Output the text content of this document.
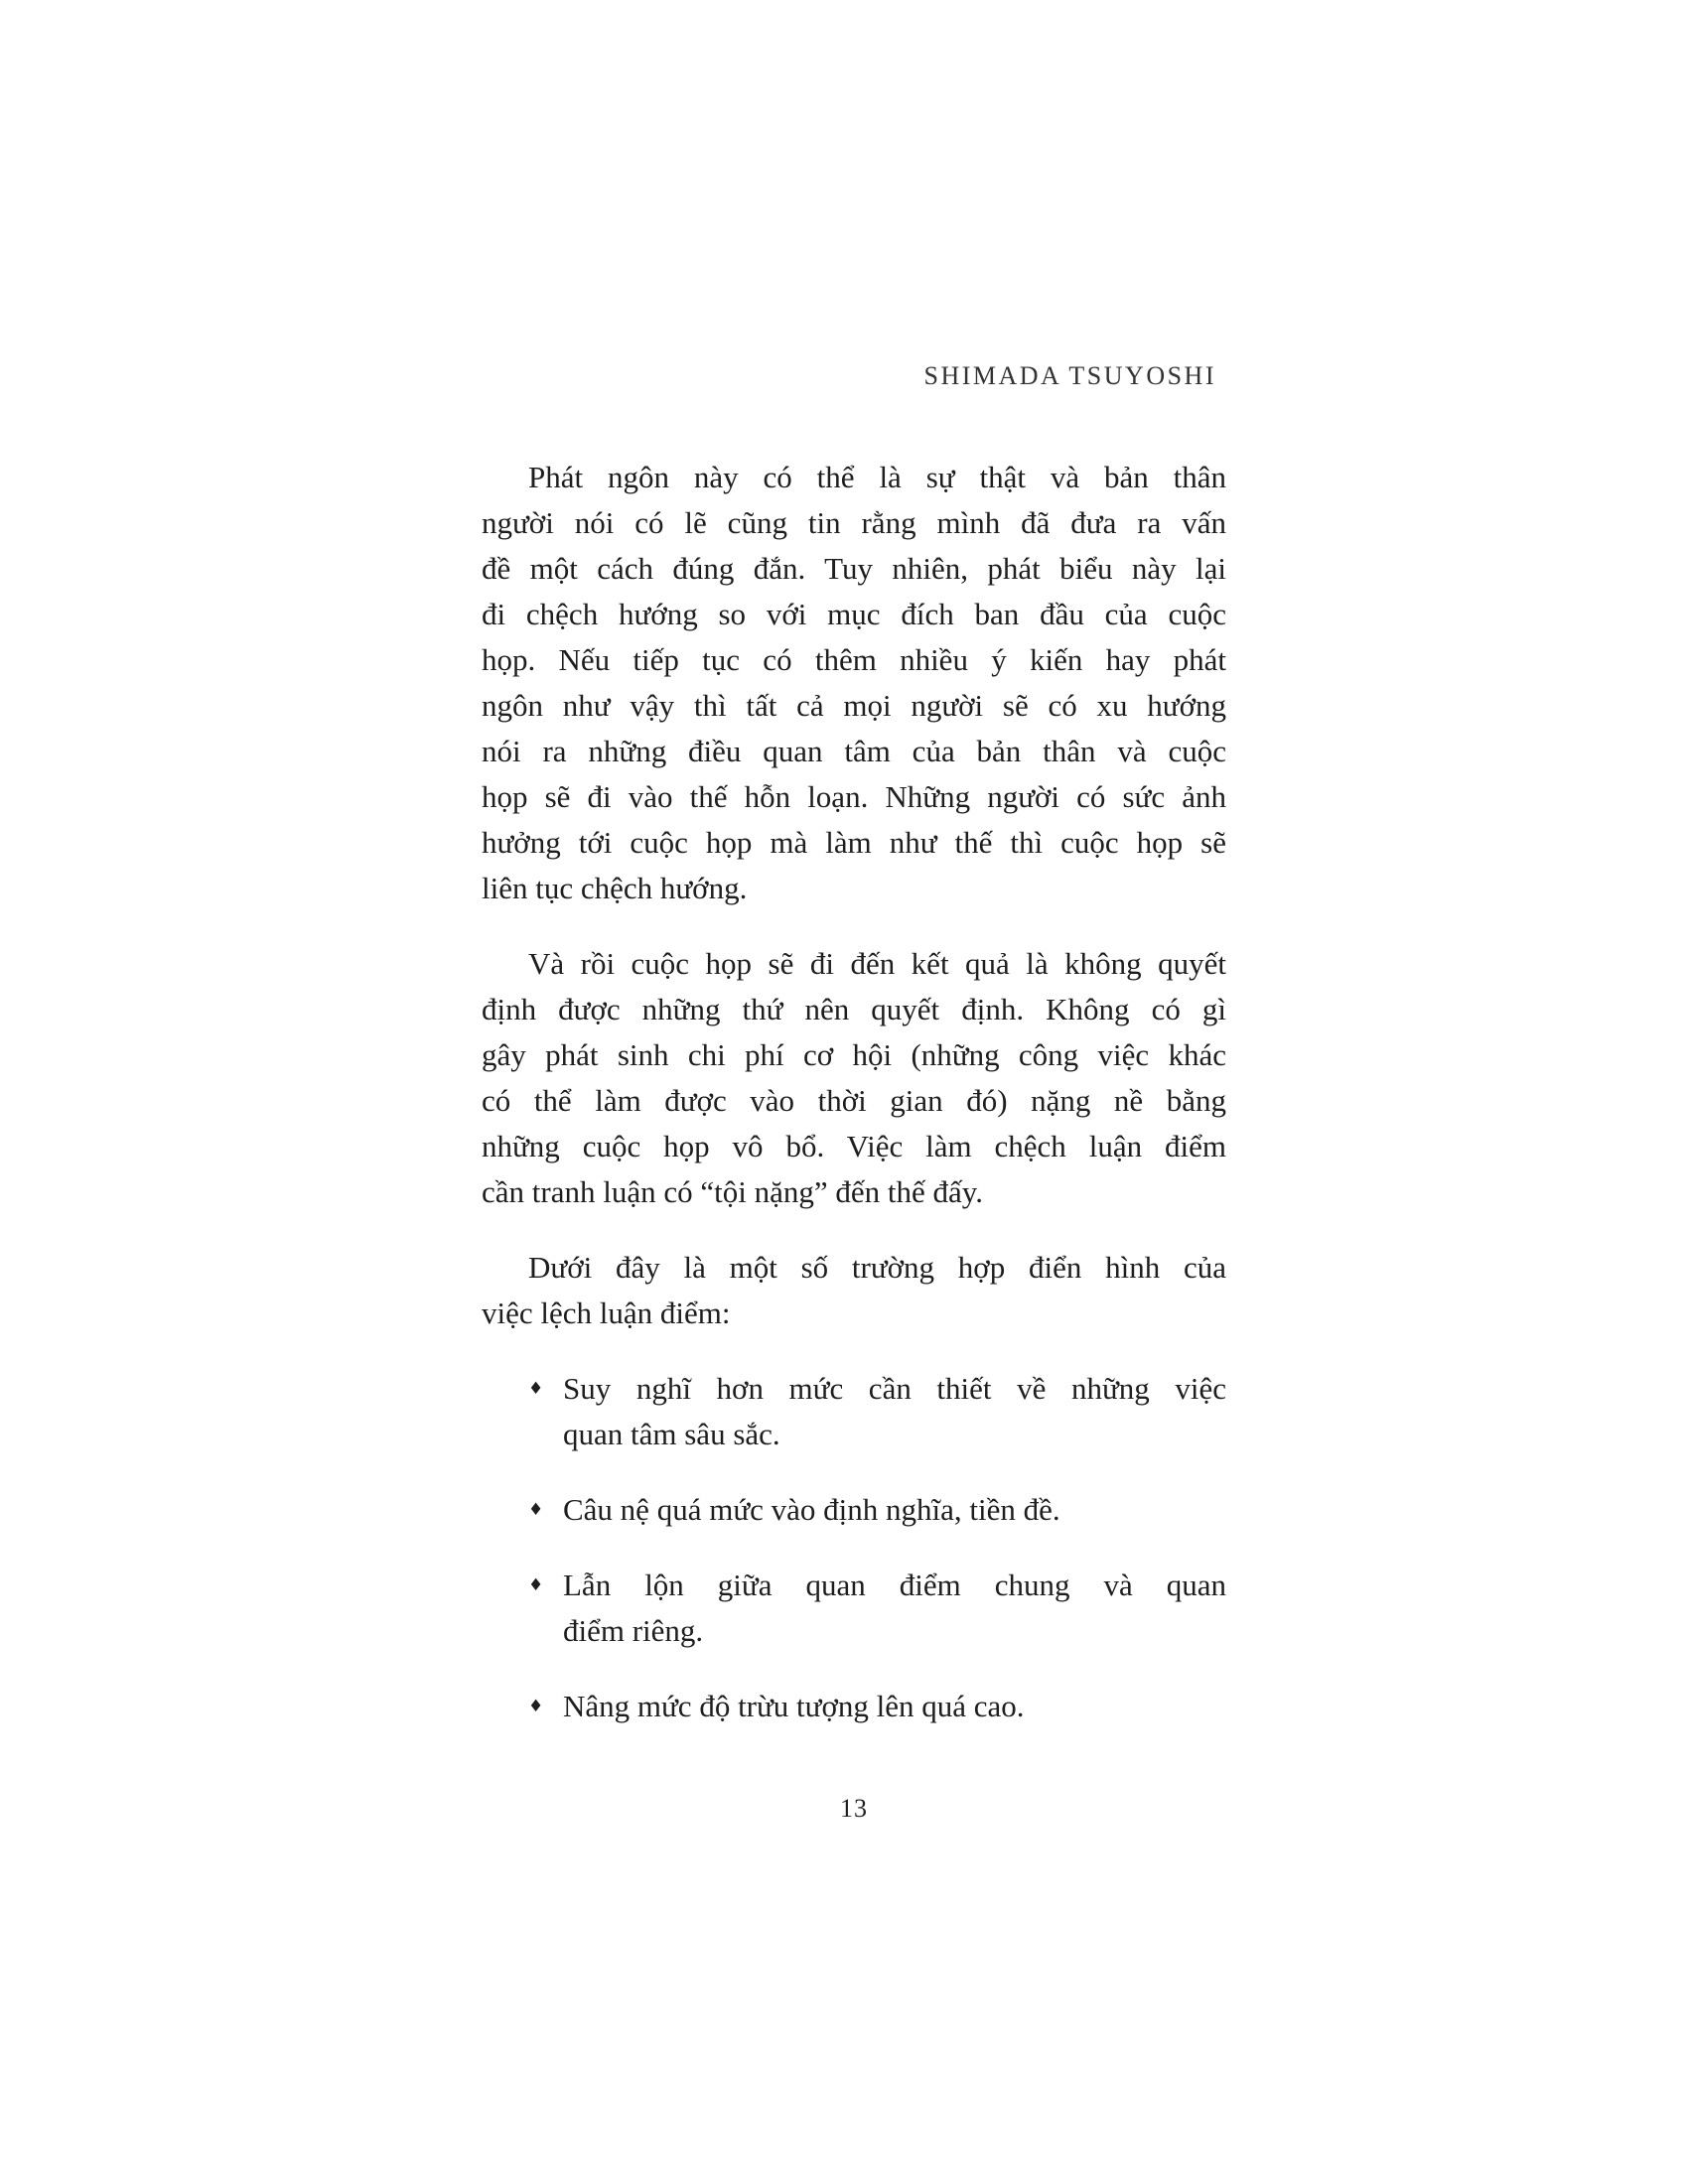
SHIMADA TSUYOSHI
Phát ngôn này có thể là sự thật và bản thân
người nói có lẽ cũng tin rằng mình đã đưa ra vấn
đề một cách đúng đắn. Tuy nhiên, phát biểu này lại
đi chệch hướng so với mục đích ban đầu của cuộc
họp. Nếu tiếp tục có thêm nhiều ý kiến hay phát
ngôn như vậy thì tất cả mọi người sẽ có xu hướng
nói ra những điều quan tâm của bản thân và cuộc
họp sẽ đi vào thế hỗn loạn. Những người có sức ảnh
hưởng tới cuộc họp mà làm như thế thì cuộc họp sẽ
liên tục chệch hướng.
Và rồi cuộc họp sẽ đi đến kết quả là không quyết
định được những thứ nên quyết định. Không có gì
gây phát sinh chi phí cơ hội (những công việc khác
có thể làm được vào thời gian đó) nặng nề bằng
những cuộc họp vô bổ. Việc làm chệch luận điểm
cần tranh luận có “tội nặng” đến thế đấy.
Dưới đây là một số trường hợp điển hình của
việc lệch luận điểm:
♦ Suy nghĩ hơn mức cần thiết về những việc
quan tâm sâu sắc.
♦ Câu nệ quá mức vào định nghĩa, tiền đề.
♦ Lẫn lộn giữa quan điểm chung và quan
điểm riêng.
♦ Nâng mức độ trừu tượng lên quá cao.
13
